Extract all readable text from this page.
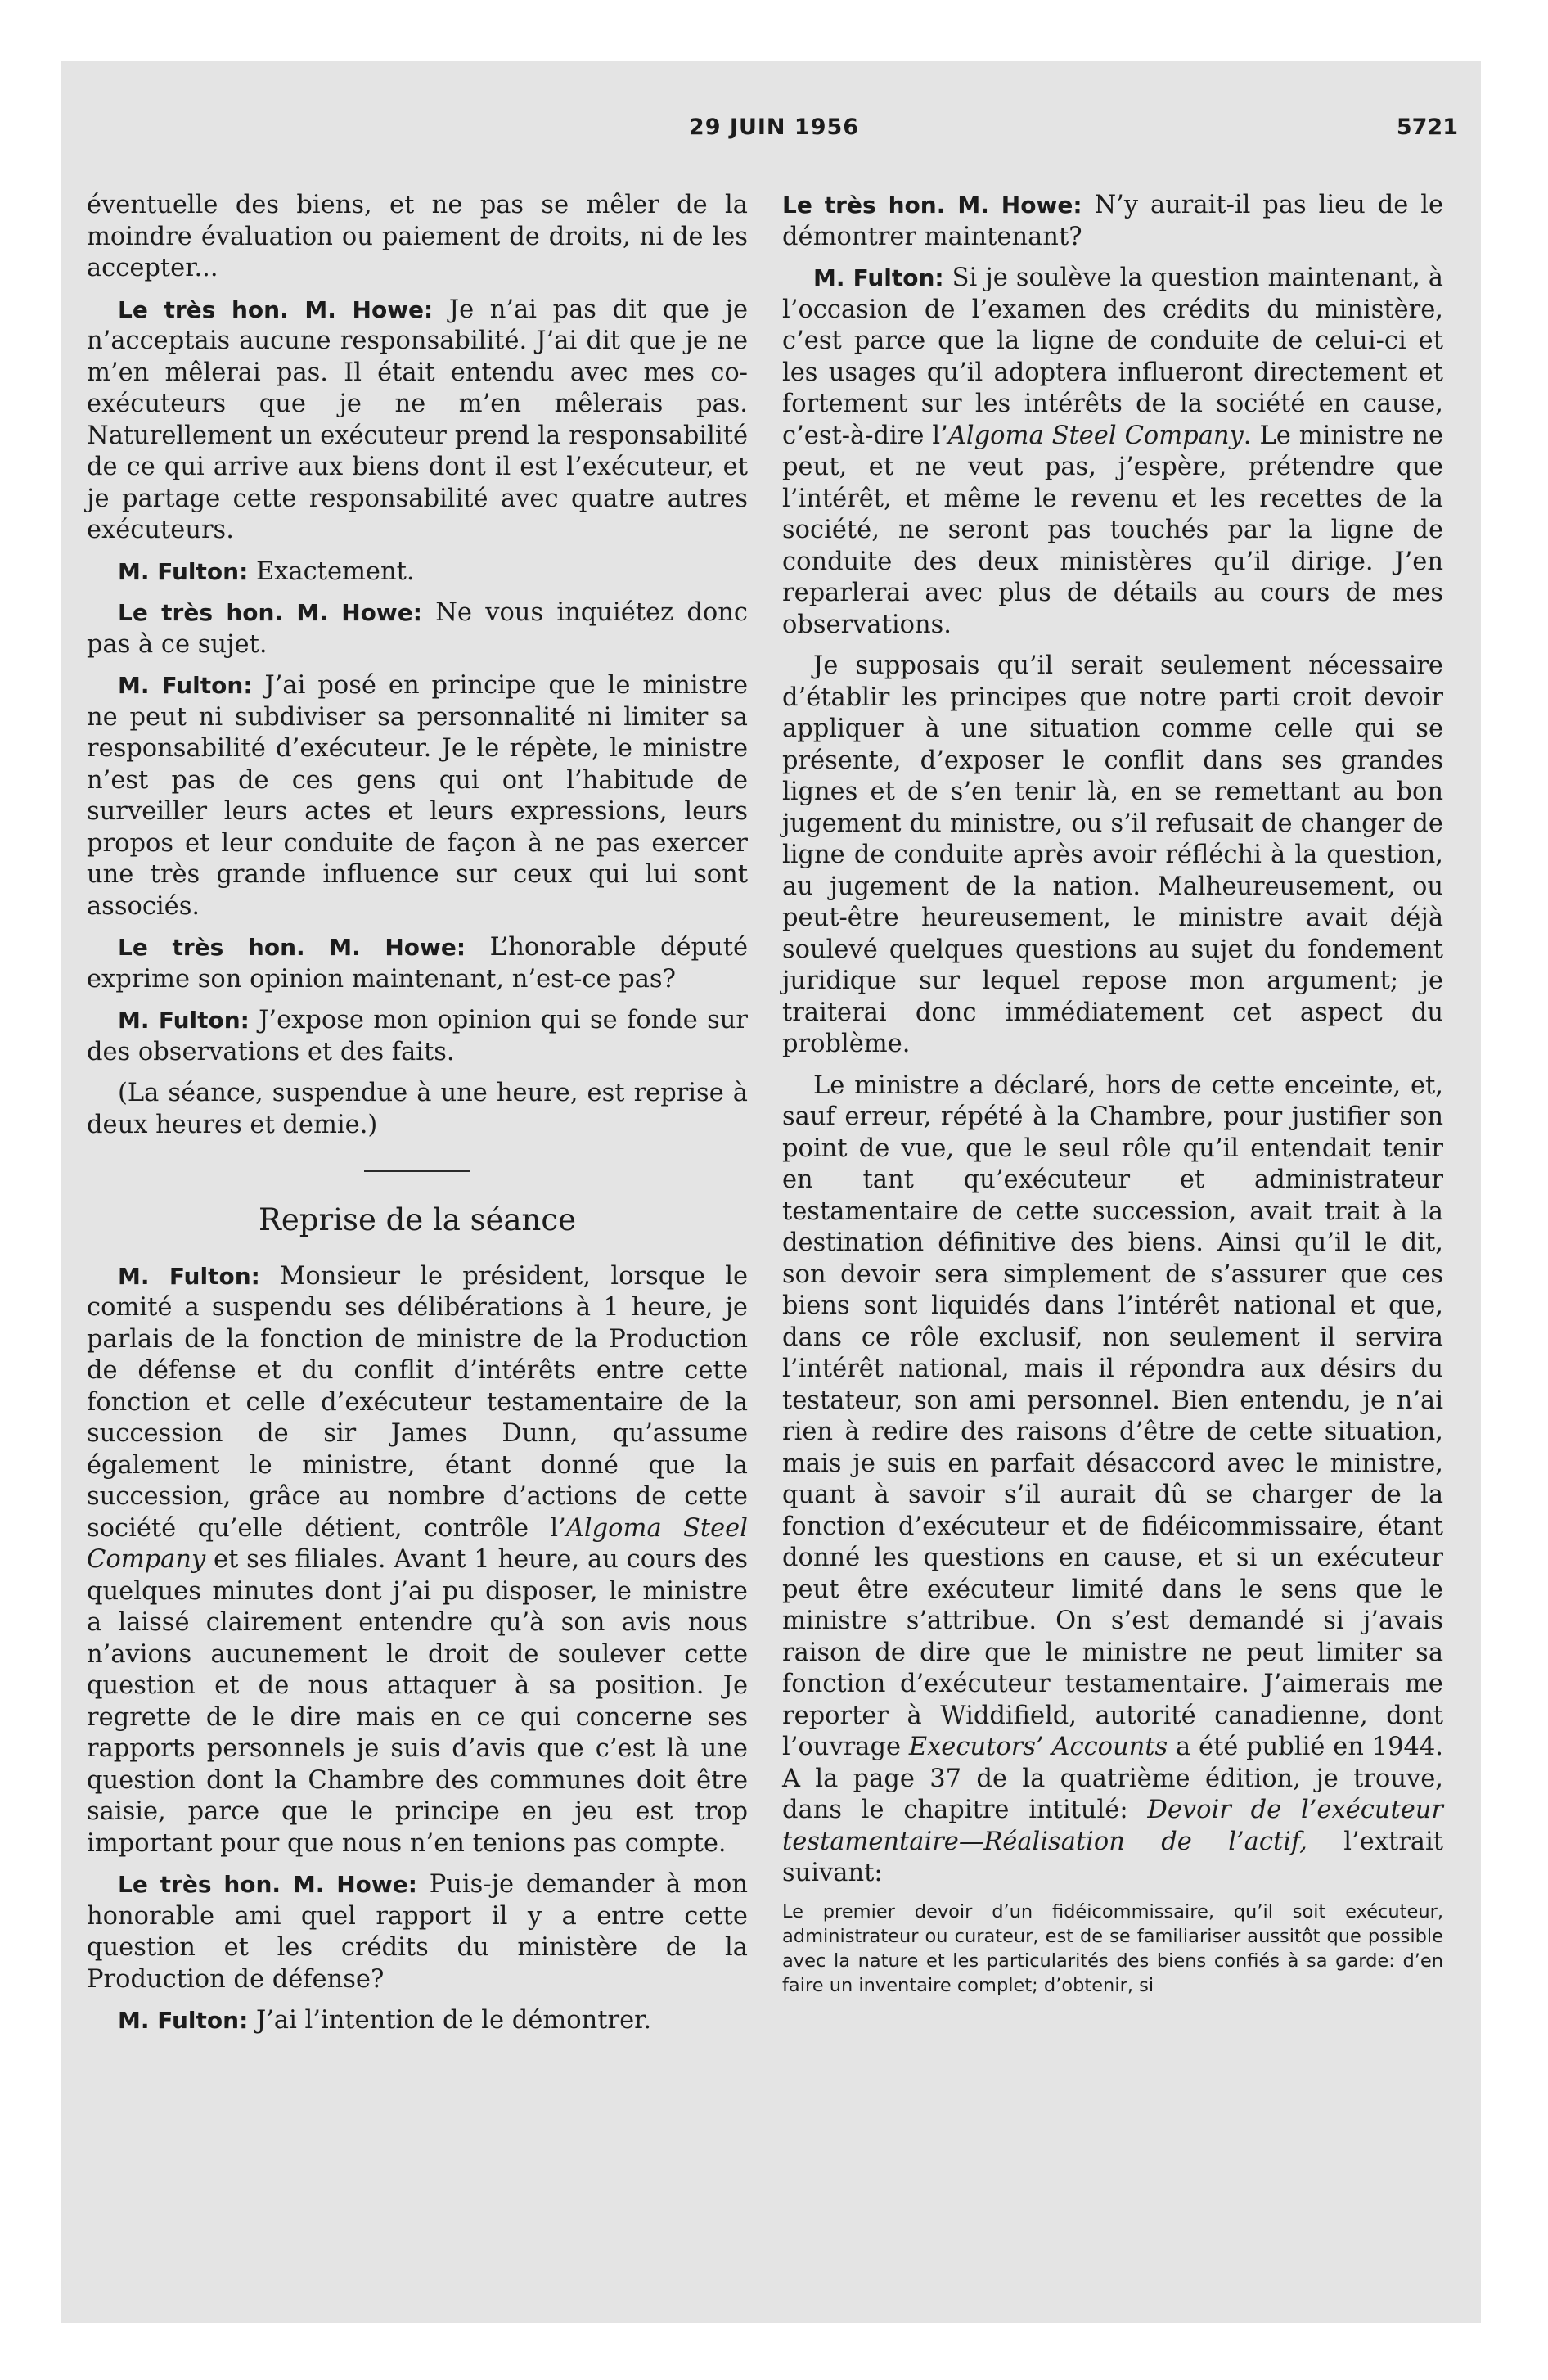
29 JUIN 1956	5721

éventuelle des biens, et ne pas se mêler de la moindre évaluation ou paiement de droits, ni de les accepter...

Le très hon. M. Howe: Je n’ai pas dit que je n’acceptais aucune responsabilité. J’ai dit que je ne m’en mêlerai pas. Il était entendu avec mes co-exécuteurs que je ne m’en mêlerais pas. Naturellement un exécuteur prend la responsabilité de ce qui arrive aux biens dont il est l’exécuteur, et je partage cette responsabilité avec quatre autres exécuteurs.

M. Fulton: Exactement.

Le très hon. M. Howe: Ne vous inquiétez donc pas à ce sujet.

M. Fulton: J’ai posé en principe que le ministre ne peut ni subdiviser sa personnalité ni limiter sa responsabilité d’exécuteur. Je le répète, le ministre n’est pas de ces gens qui ont l’habitude de surveiller leurs actes et leurs expressions, leurs propos et leur conduite de façon à ne pas exercer une très grande influence sur ceux qui lui sont associés.

Le très hon. M. Howe: L’honorable député exprime son opinion maintenant, n’est-ce pas?

M. Fulton: J’expose mon opinion qui se fonde sur des observations et des faits.

(La séance, suspendue à une heure, est reprise à deux heures et demie.)

Reprise de la séance

M. Fulton: Monsieur le président, lorsque le comité a suspendu ses délibérations à 1 heure, je parlais de la fonction de ministre de la Production de défense et du conflit d’intérêts entre cette fonction et celle d’exécuteur testamentaire de la succession de sir James Dunn, qu’assume également le ministre, étant donné que la succession, grâce au nombre d’actions de cette société qu’elle détient, contrôle l’Algoma Steel Company et ses filiales. Avant 1 heure, au cours des quelques minutes dont j’ai pu disposer, le ministre a laissé clairement entendre qu’à son avis nous n’avions aucunement le droit de soulever cette question et de nous attaquer à sa position. Je regrette de le dire mais en ce qui concerne ses rapports personnels je suis d’avis que c’est là une question dont la Chambre des communes doit être saisie, parce que le principe en jeu est trop important pour que nous n’en tenions pas compte.

Le très hon. M. Howe: Puis-je demander à mon honorable ami quel rapport il y a entre cette question et les crédits du ministère de la Production de défense?

M. Fulton: J’ai l’intention de le démontrer.

Le très hon. M. Howe: N’y aurait-il pas lieu de le démontrer maintenant?

M. Fulton: Si je soulève la question maintenant, à l’occasion de l’examen des crédits du ministère, c’est parce que la ligne de conduite de celui-ci et les usages qu’il adoptera influeront directement et fortement sur les intérêts de la société en cause, c’est-à-dire l’Algoma Steel Company. Le ministre ne peut, et ne veut pas, j’espère, prétendre que l’intérêt, et même le revenu et les recettes de la société, ne seront pas touchés par la ligne de conduite des deux ministères qu’il dirige. J’en reparlerai avec plus de détails au cours de mes observations.

Je supposais qu’il serait seulement nécessaire d’établir les principes que notre parti croit devoir appliquer à une situation comme celle qui se présente, d’exposer le conflit dans ses grandes lignes et de s’en tenir là, en se remettant au bon jugement du ministre, ou s’il refusait de changer de ligne de conduite après avoir réfléchi à la question, au jugement de la nation. Malheureusement, ou peut-être heureusement, le ministre avait déjà soulevé quelques questions au sujet du fondement juridique sur lequel repose mon argument; je traiterai donc immédiatement cet aspect du problème.

Le ministre a déclaré, hors de cette enceinte, et, sauf erreur, répété à la Chambre, pour justifier son point de vue, que le seul rôle qu’il entendait tenir en tant qu’exécuteur et administrateur testamentaire de cette succession, avait trait à la destination définitive des biens. Ainsi qu’il le dit, son devoir sera simplement de s’assurer que ces biens sont liquidés dans l’intérêt national et que, dans ce rôle exclusif, non seulement il servira l’intérêt national, mais il répondra aux désirs du testateur, son ami personnel. Bien entendu, je n’ai rien à redire des raisons d’être de cette situation, mais je suis en parfait désaccord avec le ministre, quant à savoir s’il aurait dû se charger de la fonction d’exécuteur et de fidéicommissaire, étant donné les questions en cause, et si un exécuteur peut être exécuteur limité dans le sens que le ministre s’attribue. On s’est demandé si j’avais raison de dire que le ministre ne peut limiter sa fonction d’exécuteur testamentaire. J’aimerais me reporter à Widdifield, autorité canadienne, dont l’ouvrage Executors’ Accounts a été publié en 1944. A la page 37 de la quatrième édition, je trouve, dans le chapitre intitulé: Devoir de l’exécuteur testamentaire—Réalisation de l’actif, l’extrait suivant:

Le premier devoir d’un fidéicommissaire, qu’il soit exécuteur, administrateur ou curateur, est de se familiariser aussitôt que possible avec la nature et les particularités des biens confiés à sa garde: d’en faire un inventaire complet; d’obtenir, si
